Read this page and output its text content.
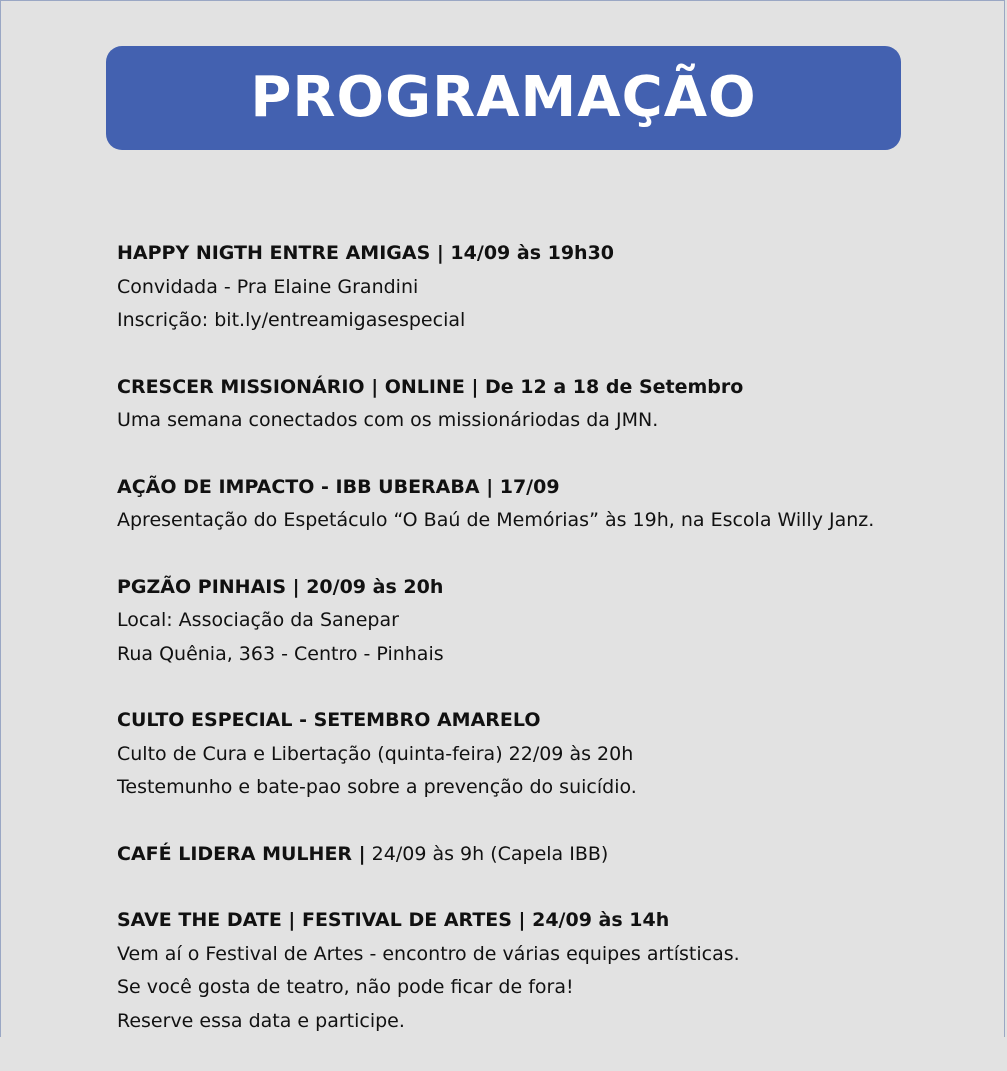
PROGRAMAÇÃO
HAPPY NIGTH ENTRE AMIGAS | 14/09 às 19h30
Convidada - Pra Elaine Grandini
Inscrição: bit.ly/entreamigasespecial
CRESCER MISSIONÁRIO | ONLINE | De 12 a 18 de Setembro
Uma semana conectados com os missionáriodas da JMN.
AÇÃO DE IMPACTO - IBB UBERABA | 17/09
Apresentação do Espetáculo “O Baú de Memórias” às 19h, na Escola Willy Janz.
PGZÃO PINHAIS | 20/09 às 20h
Local: Associação da Sanepar
Rua Quênia, 363 - Centro - Pinhais
CULTO ESPECIAL - SETEMBRO AMARELO
Culto de Cura e Libertação (quinta-feira) 22/09 às 20h
Testemunho e bate-pao sobre a prevenção do suicídio.
CAFÉ LIDERA MULHER | 24/09 às 9h (Capela IBB)
SAVE THE DATE | FESTIVAL DE ARTES | 24/09 às 14h
Vem aí o Festival de Artes - encontro de várias equipes artísticas.
Se você gosta de teatro, não pode ficar de fora!
Reserve essa data e participe.
